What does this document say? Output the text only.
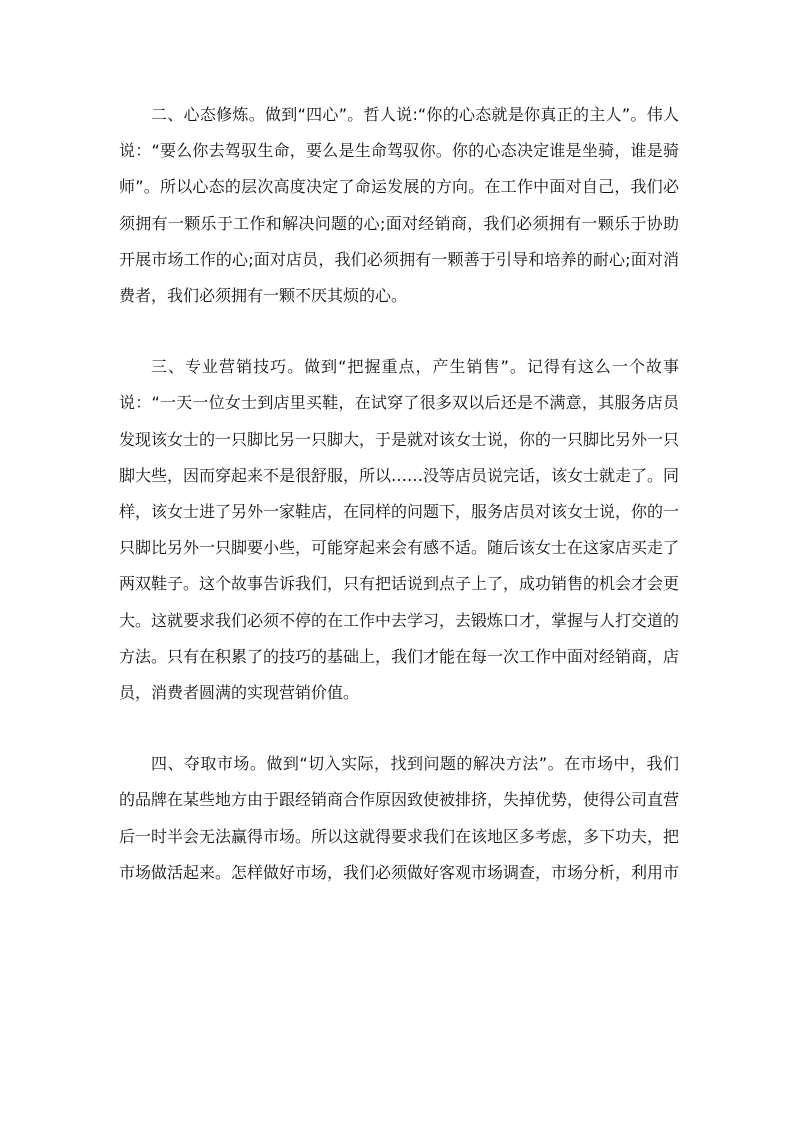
二、心态修炼。做到“四心”。哲人说:“你的心态就是你真正的主人”。伟人说：“要么你去驾驭生命，要么是生命驾驭你。你的心态决定谁是坐骑，谁是骑师”。所以心态的层次高度决定了命运发展的方向。在工作中面对自己，我们必须拥有一颗乐于工作和解决问题的心;面对经销商，我们必须拥有一颗乐于协助开展市场工作的心;面对店员，我们必须拥有一颗善于引导和培养的耐心;面对消费者，我们必须拥有一颗不厌其烦的心。

三、专业营销技巧。做到“把握重点，产生销售”。记得有这么一个故事说：“一天一位女士到店里买鞋，在试穿了很多双以后还是不满意，其服务店员发现该女士的一只脚比另一只脚大，于是就对该女士说，你的一只脚比另外一只脚大些，因而穿起来不是很舒服，所以……没等店员说完话，该女士就走了。同样，该女士进了另外一家鞋店，在同样的问题下，服务店员对该女士说，你的一只脚比另外一只脚要小些，可能穿起来会有感不适。随后该女士在这家店买走了两双鞋子。这个故事告诉我们，只有把话说到点子上了，成功销售的机会才会更大。这就要求我们必须不停的在工作中去学习，去锻炼口才，掌握与人打交道的方法。只有在积累了的技巧的基础上，我们才能在每一次工作中面对经销商，店员，消费者圆满的实现营销价值。

四、夺取市场。做到“切入实际，找到问题的解决方法”。在市场中，我们的品牌在某些地方由于跟经销商合作原因致使被排挤，失掉优势，使得公司直营后一时半会无法赢得市场。所以这就得要求我们在该地区多考虑，多下功夫，把市场做活起来。怎样做好市场，我们必须做好客观市场调查，市场分析，利用市
